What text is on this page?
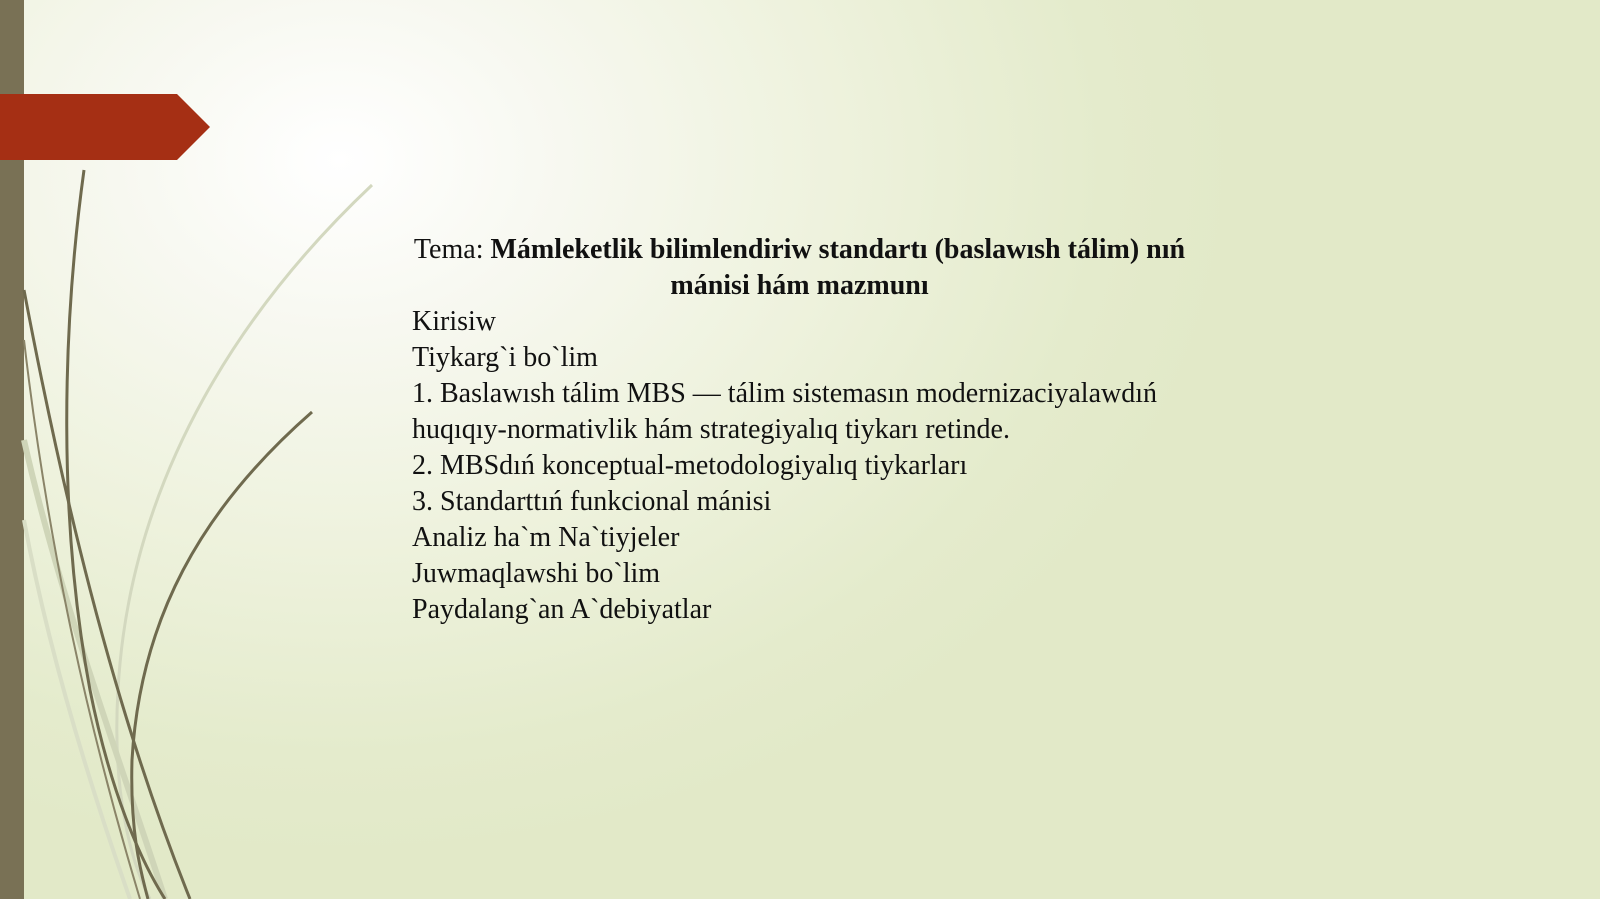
Tema: Mámleketlik bilimlendiriw standartı (baslawısh tálim) nıń mánisi hám mazmunı
Kirisiw
Tiykarg`i bo`lim
1. Baslawısh tálim MBS — tálim sistemasın modernizaciyalawdıń huqıqıy-normativlik hám strategiyalıq tiykarı retinde.
2. MBSdıń konceptual-metodologiyalıq tiykarları
3. Standarttıń funkcional mánisi
Analiz ha`m Na`tiyjeler
Juwmaqlawshi bo`lim
Paydalang`an A`debiyatlar
